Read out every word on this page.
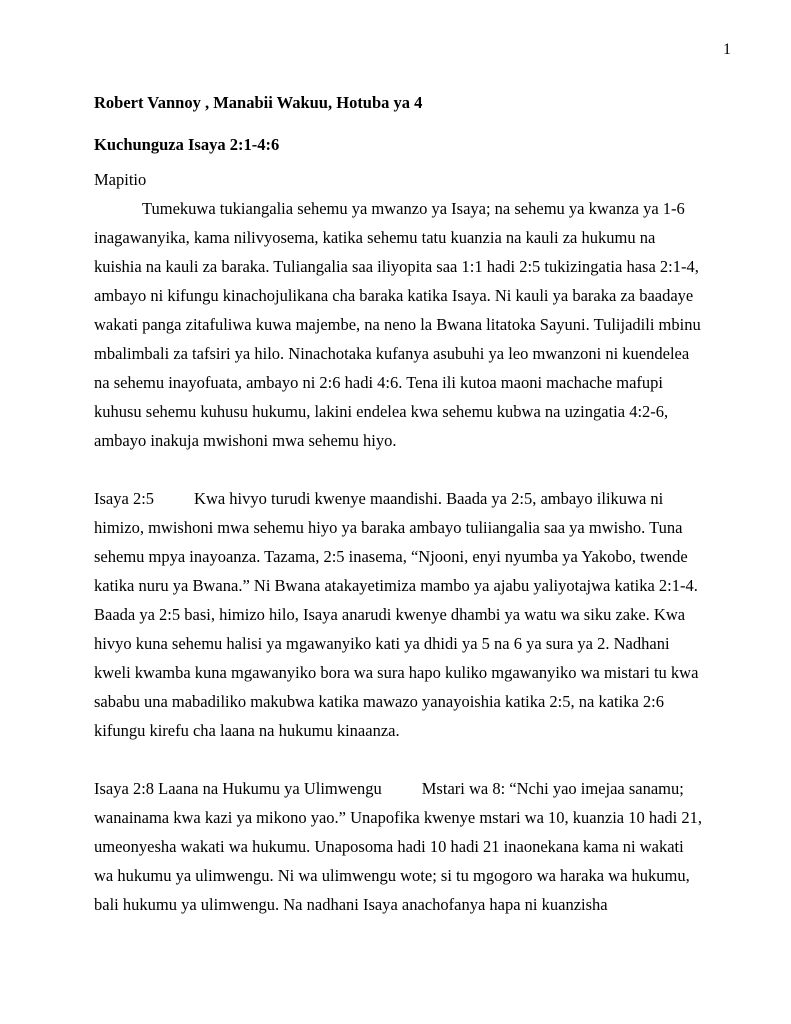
1

Robert Vannoy , Manabii Wakuu, Hotuba ya 4

Kuchunguza Isaya 2:1-4:6

Mapitio

Tumekuwa tukiangalia sehemu ya mwanzo ya Isaya; na sehemu ya kwanza ya 1-6 inagawanyika, kama nilivyosema, katika sehemu tatu kuanzia na kauli za hukumu na kuishia na kauli za baraka. Tuliangalia saa iliyopita saa 1:1 hadi 2:5 tukizingatia hasa 2:1-4, ambayo ni kifungu kinachojulikana cha baraka katika Isaya. Ni kauli ya baraka za baadaye wakati panga zitafuliwa kuwa majembe, na neno la Bwana litatoka Sayuni. Tulijadili mbinu mbalimbali za tafsiri ya hilo. Ninachotaka kufanya asubuhi ya leo mwanzoni ni kuendelea na sehemu inayofuata, ambayo ni 2:6 hadi 4:6. Tena ili kutoa maoni machache mafupi kuhusu sehemu kuhusu hukumu, lakini endelea kwa sehemu kubwa na uzingatia 4:2-6, ambayo inakuja mwishoni mwa sehemu hiyo.

Isaya 2:5 Kwa hivyo turudi kwenye maandishi. Baada ya 2:5, ambayo ilikuwa ni himizo, mwishoni mwa sehemu hiyo ya baraka ambayo tuliiangalia saa ya mwisho. Tuna sehemu mpya inayoanza. Tazama, 2:5 inasema, “Njooni, enyi nyumba ya Yakobo, twende katika nuru ya Bwana.” Ni Bwana atakayetimiza mambo ya ajabu yaliyotajwa katika 2:1-4. Baada ya 2:5 basi, himizo hilo, Isaya anarudi kwenye dhambi ya watu wa siku zake. Kwa hivyo kuna sehemu halisi ya mgawanyiko kati ya dhidi ya 5 na 6 ya sura ya 2. Nadhani kweli kwamba kuna mgawanyiko bora wa sura hapo kuliko mgawanyiko wa mistari tu kwa sababu una mabadiliko makubwa katika mawazo yanayoishia katika 2:5, na katika 2:6 kifungu kirefu cha laana na hukumu kinaanza.

Isaya 2:8 Laana na Hukumu ya Ulimwengu Mstari wa 8: “Nchi yao imejaa sanamu; wanainama kwa kazi ya mikono yao.” Unapofika kwenye mstari wa 10, kuanzia 10 hadi 21, umeonyesha wakati wa hukumu. Unaposoma hadi 10 hadi 21 inaonekana kama ni wakati wa hukumu ya ulimwengu. Ni wa ulimwengu wote; si tu mgogoro wa haraka wa hukumu, bali hukumu ya ulimwengu. Na nadhani Isaya anachofanya hapa ni kuanzisha
